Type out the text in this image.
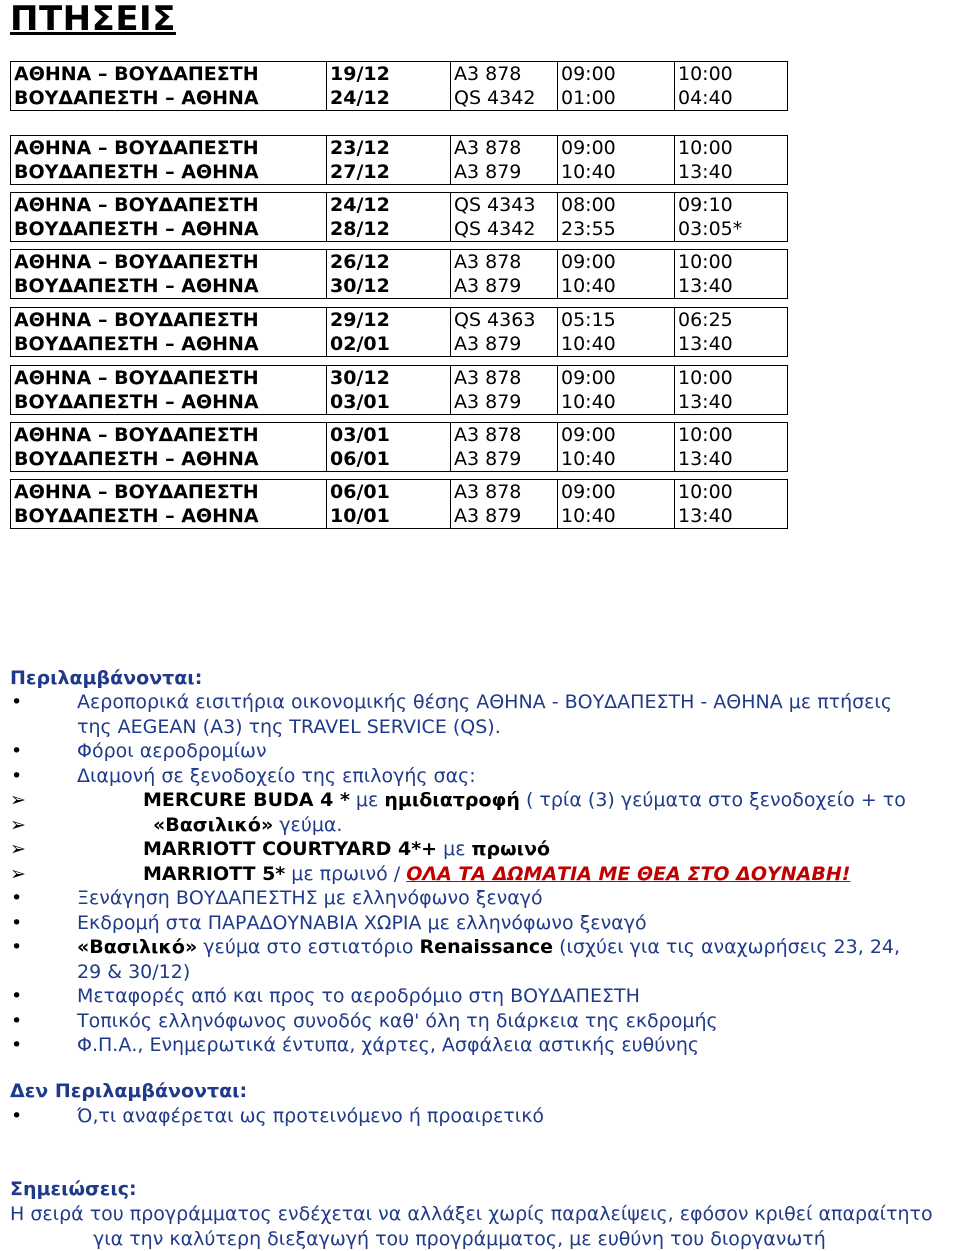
ΠΤΗΣΕΙΣ
ΑΘΗΝΑ – ΒΟΥΔΑΠΕΣΤΗ	19/12	A3 878	09:00	10:00
ΒΟΥΔΑΠΕΣΤΗ – ΑΘΗΝΑ	24/12	QS 4342	01:00	04:40

ΑΘΗΝΑ – ΒΟΥΔΑΠΕΣΤΗ	23/12	A3 878	09:00	10:00
ΒΟΥΔΑΠΕΣΤΗ – ΑΘΗΝΑ	27/12	A3 879	10:40	13:40

ΑΘΗΝΑ – ΒΟΥΔΑΠΕΣΤΗ	24/12	QS 4343	08:00	09:10
ΒΟΥΔΑΠΕΣΤΗ – ΑΘΗΝΑ	28/12	QS 4342	23:55	03:05*

ΑΘΗΝΑ – ΒΟΥΔΑΠΕΣΤΗ	26/12	A3 878	09:00	10:00
ΒΟΥΔΑΠΕΣΤΗ – ΑΘΗΝΑ	30/12	A3 879	10:40	13:40

ΑΘΗΝΑ – ΒΟΥΔΑΠΕΣΤΗ	29/12	QS 4363	05:15	06:25
ΒΟΥΔΑΠΕΣΤΗ – ΑΘΗΝΑ	02/01	A3 879	10:40	13:40

ΑΘΗΝΑ – ΒΟΥΔΑΠΕΣΤΗ	30/12	A3 878	09:00	10:00
ΒΟΥΔΑΠΕΣΤΗ – ΑΘΗΝΑ	03/01	A3 879	10:40	13:40

ΑΘΗΝΑ – ΒΟΥΔΑΠΕΣΤΗ	03/01	A3 878	09:00	10:00
ΒΟΥΔΑΠΕΣΤΗ – ΑΘΗΝΑ	06/01	A3 879	10:40	13:40

ΑΘΗΝΑ – ΒΟΥΔΑΠΕΣΤΗ	06/01	A3 878	09:00	10:00
ΒΟΥΔΑΠΕΣΤΗ – ΑΘΗΝΑ	10/01	A3 879	10:40	13:40

Περιλαμβάνονται:

• Αεροπορικά εισιτήρια οικονομικής θέσης ΑΘΗΝΑ - ΒΟΥΔΑΠΕΣΤΗ - ΑΘΗΝΑ με πτήσεις
της AEGEAN (A3) της TRAVEL SERVICE (QS).
• Φόροι αεροδρομίων
• Διαμονή σε ξενοδοχείο της επιλογής σας:
➢ MERCURE BUDA 4 * με ημιδιατροφή ( τρία (3) γεύματα στο ξενοδοχείο + το
➢ «Βασιλικό» γεύμα.
➢ MARRIOTT COURTYARD 4*+ με πρωινό
➢ MARRIOTT 5* με πρωινό / ΟΛΑ ΤΑ ΔΩΜΑΤΙΑ ΜΕ ΘΕΑ ΣΤΟ ΔΟΥΝΑΒΗ!
• Ξενάγηση ΒΟΥΔΑΠΕΣΤΗΣ με ελληνόφωνο ξεναγό
• Εκδρομή στα ΠΑΡΑΔΟΥΝΑΒΙΑ ΧΩΡΙΑ με ελληνόφωνο ξεναγό
• «Βασιλικό» γεύμα στο εστιατόριο Renaissance (ισχύει για τις αναχωρήσεις 23, 24,
29 & 30/12)
• Μεταφορές από και προς το αεροδρόμιο στη ΒΟΥΔΑΠΕΣΤΗ
• Τοπικός ελληνόφωνος συνοδός καθ' όλη τη διάρκεια της εκδρομής
• Φ.Π.Α., Ενημερωτικά έντυπα, χάρτες, Ασφάλεια αστικής ευθύνης

Δεν Περιλαμβάνονται:

• Ό,τι αναφέρεται ως προτεινόμενο ή προαιρετικό

Σημειώσεις:

Η σειρά του προγράμματος ενδέχεται να αλλάξει χωρίς παραλείψεις, εφόσον κριθεί απαραίτητο
για την καλύτερη διεξαγωγή του προγράμματος, με ευθύνη του διοργανωτή
